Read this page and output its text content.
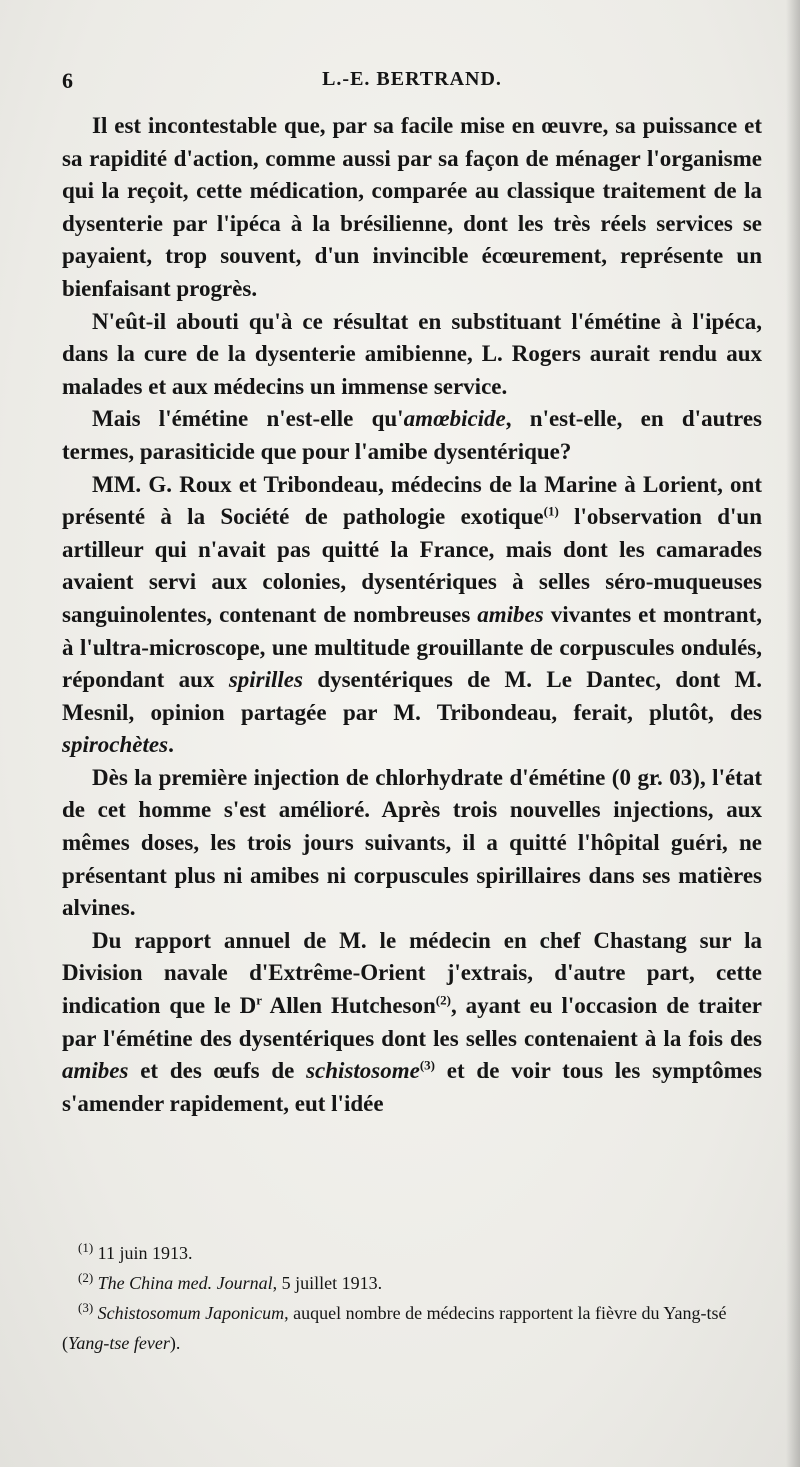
6	L.-E. BERTRAND.

Il est incontestable que, par sa facile mise en œuvre, sa puissance et sa rapidité d'action, comme aussi par sa façon de ménager l'organisme qui la reçoit, cette médication, comparée au classique traitement de la dysenterie par l'ipéca à la brésilienne, dont les très réels services se payaient, trop souvent, d'un invincible écœurement, représente un bienfaisant progrès.

N'eût-il abouti qu'à ce résultat en substituant l'émétine à l'ipéca, dans la cure de la dysenterie amibienne, L. Rogers aurait rendu aux malades et aux médecins un immense service.

Mais l'émétine n'est-elle qu'amœbicide, n'est-elle, en d'autres termes, parasiticide que pour l'amibe dysentérique?

MM. G. Roux et Tribondeau, médecins de la Marine à Lorient, ont présenté à la Société de pathologie exotique$^{(1)}$ l'observation d'un artilleur qui n'avait pas quitté la France, mais dont les camarades avaient servi aux colonies, dysentériques à selles séro-muqueuses sanguinolentes, contenant de nombreuses amibes vivantes et montrant, à l'ultra-microscope, une multitude grouillante de corpuscules ondulés, répondant aux spirilles dysentériques de M. Le Dantec, dont M. Mesnil, opinion partagée par M. Tribondeau, ferait, plutôt, des spirochètes.

Dès la première injection de chlorhydrate d'émétine (0 gr. 03), l'état de cet homme s'est amélioré. Après trois nouvelles injections, aux mêmes doses, les trois jours suivants, il a quitté l'hôpital guéri, ne présentant plus ni amibes ni corpuscules spirillaires dans ses matières alvines.

Du rapport annuel de M. le médecin en chef Chastang sur la Division navale d'Extrême-Orient j'extrais, d'autre part, cette indication que le $D^r$ Allen Hutcheson$^{(2)}$, ayant eu l'occasion de traiter par l'émétine des dysentériques dont les selles contenaient à la fois des amibes et des œufs de schistosome$^{(3)}$ et de voir tous les symptômes s'amender rapidement, eut l'idée

$^{(1)}$ 11 juin 1913.

$^{(2)}$ The China med. Journal, 5 juillet 1913.

$^{(3)}$ Schistosomum Japonicum, auquel nombre de médecins rapportent la fièvre du Yang-tsé (Yang-tse fever).
